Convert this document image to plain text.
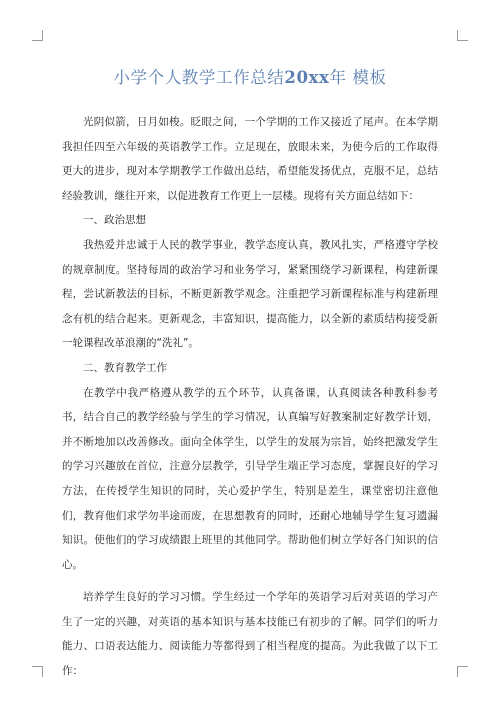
小学个人教学工作总结20xx年 模板

光阴似箭，日月如梭。眨眼之间，一个学期的工作又接近了尾声。在本学期我担任四至六年级的英语教学工作。立足现在，放眼未来，为使今后的工作取得更大的进步，现对本学期教学工作做出总结，希望能发扬优点，克服不足，总结经验教训，继往开来，以促进教育工作更上一层楼。现将有关方面总结如下：

一、政治思想

我热爱并忠诚于人民的教学事业，教学态度认真，教风扎实，严格遵守学校的规章制度。坚持每周的政治学习和业务学习，紧紧围绕学习新课程，构建新课程，尝试新教法的目标，不断更新教学观念。注重把学习新课程标准与构建新理念有机的结合起来。更新观念，丰富知识，提高能力，以全新的素质结构接受新一轮课程改革浪潮的“洗礼”。

二、教育教学工作

在教学中我严格遵从教学的五个环节，认真备课，认真阅读各种教科参考书，结合自己的教学经验与学生的学习情况，认真编写好教案制定好教学计划，并不断地加以改善修改。面向全体学生，以学生的发展为宗旨，始终把激发学生的学习兴趣放在首位，注意分层教学，引导学生端正学习态度，掌握良好的学习方法，在传授学生知识的同时，关心爱护学生，特别是差生，课堂密切注意他们，教育他们求学勿半途而废，在思想教育的同时，还耐心地辅导学生复习遗漏知识。使他们的学习成绩跟上班里的其他同学。帮助他们树立学好各门知识的信心。

培养学生良好的学习习惯。学生经过一个学年的英语学习后对英语的学习产生了一定的兴趣，对英语的基本知识与基本技能已有初步的了解。同学们的听力能力、口语表达能力、阅读能力等都得到了相当程度的提高。为此我做了以下工作：
